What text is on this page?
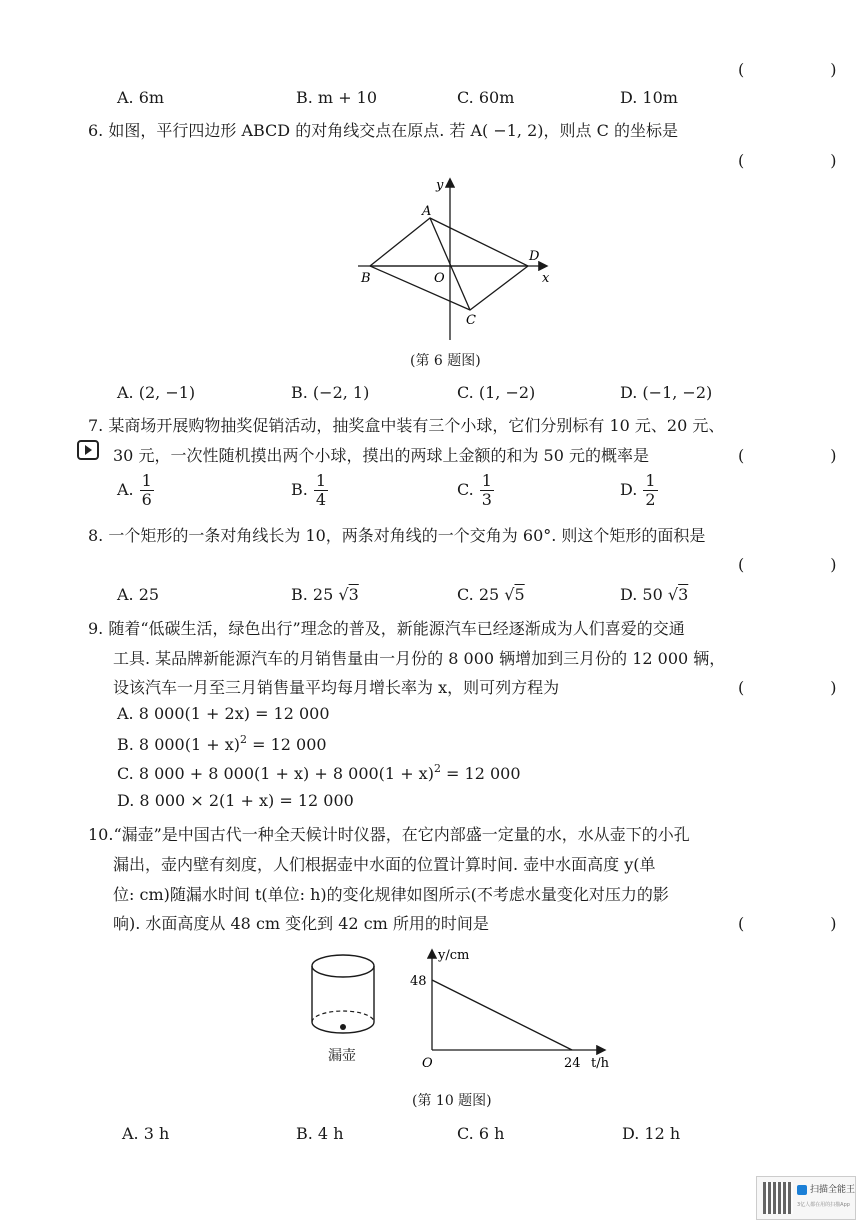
(　　)
A. 6m	B. m + 10	C. 60m	D. 10m
6. 如图，平行四边形 ABCD 的对角线交点在原点. 若 A( −1, 2)，则点 C 的坐标是
(　　)
y
x
A
B	O
D
C
(第 6 题图)
A. (2, −1)	B. (−2, 1)	C. (1, −2)	D. (−1, −2)
7. 某商场开展购物抽奖促销活动，抽奖盒中装有三个小球，它们分别标有 10 元、20 元、
30 元，一次性随机摸出两个小球，摸出的两球上金额的和为 50 元的概率是	(　　)
A. $\frac{1}{6}$	B. $\frac{1}{4}$	C. $\frac{1}{3}$	D. $\frac{1}{2}$
8. 一个矩形的一条对角线长为 10，两条对角线的一个交角为 60°. 则这个矩形的面积是
(　　)
A. 25	B. 25 √3	C. 25 √5	D. 50 √3
9. 随着“低碳生活，绿色出行”理念的普及，新能源汽车已经逐渐成为人们喜爱的交通
工具. 某品牌新能源汽车的月销售量由一月份的 8 000 辆增加到三月份的 12 000 辆，
设该汽车一月至三月销售量平均每月增长率为 x，则可列方程为	(　　)
A. 8 000(1 + 2x) = 12 000
B. 8 $000(1 + x)^2 = 12$ 000
C. 8 000 + 8 000(1 + x) + 8 $000(1 + x)^2 = 12$ 000
D. 8 000 × 2(1 + x) = 12 000
10.“漏壶”是中国古代一种全天候计时仪器，在它内部盛一定量的水，水从壶下的小孔
漏出，壶内壁有刻度，人们根据壶中水面的位置计算时间. 壶中水面高度 y(单
位: cm)随漏水时间 t(单位: h)的变化规律如图所示(不考虑水量变化对压力的影
响). 水面高度从 48 cm 变化到 42 cm 所用的时间是	(　　)
漏壶
y/cm
t/h
O
48
24
(第 10 题图)
A. 3 h	B. 4 h	C. 6 h	D. 12 h
扫描全能王
3亿人都在用的扫描App
